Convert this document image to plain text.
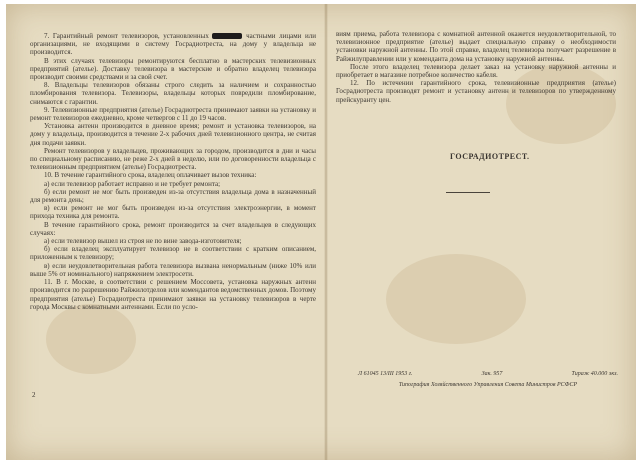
7. Гарантийный ремонт телевизоров, установленных	частными лицами или организациями, не входящими в систему Госрадиотреста, на дому у владельца не производится.

В этих случаях телевизоры ремонтируются бесплатно в мастерских телевизионных предприятий (ателье). Доставку телевизора в мастерские и обратно владелец телевизора производит своими средствами и за свой счет.

8. Владельцы телевизоров обязаны строго следить за наличием и сохранностью пломбирования телевизора. Телевизоры, владельцы которых повредили пломбирование, снимаются с гарантии.

9. Телевизионные предприятия (ателье) Госрадиотреста принимают заявки на установку и ремонт телевизоров ежедневно, кроме четвергов с 11 до 19 часов.

Установка антенн производится в дневное время; ремонт и установка телевизоров, на дому у владельца, производится в течение 2-х рабочих дней телевизионного центра, не считая дня подачи заявки.

Ремонт телевизоров у владельцев, проживающих за городом, производится в дни и часы по специальному расписанию, не реже 2-х дней в неделю, или по договоренности владельца с телевизионным предприятием (ателье) Госрадиотреста.

10. В течение гарантийного срока, владелец оплачивает вызов техника:

а) если телевизор работает исправно и не требует ремонта;

б) если ремонт не мог быть произведен из-за отсутствия владельца дома в назначенный для ремонта день;

в) если ремонт не мог быть произведен из-за отсутствия электроэнергии, в момент прихода техника для ремонта.

В течение гарантийного срока, ремонт производится за счет владельцев в следующих случаях:

а) если телевизор вышел из строя не по вине завода-изготовителя;

б) если владелец эксплуатирует телевизор не в соответствии с кратким описанием, приложенным к телевизору;

в) если неудовлетворительная работа телевизора вызвана ненормальным (ниже 10% или выше 5% от номинального) напряжением электросети.

11. В г. Москве, в соответствии с решением Моссовета, установка наружных антенн производится по разрешению Райжилотделов или комендантов ведомственных домов. Поэтому предприятия (ателье) Госрадиотреста принимают заявки на установку телевизоров в черте города Москвы с комнатными антеннами. Если по усло-

2

виям приема, работа телевизора с комнатной антенной окажется неудовлетворительной, то телевизионное предприятие (ателье) выдает специальную справку о необходимости установки наружной антенны. По этой справке, владелец телевизора получает разрешение в Райжилуправлении или у коменданта дома на установку наружной антенны.

После этого владелец телевизора делает заказ на установку наружной антенны и приобретает в магазине потребное количество кабеля.

12. По истечении гарантийного срока, телевизионные предприятия (ателье) Госрадиотреста производят ремонт и установку антенн и телевизоров по утвержденному прейскуранту цен.

ГОСРАДИОТРЕСТ.
Л 61045 13/III 1953 г.	Зак. 957	Тираж 40.000 экз.
Типография Хозяйственного Управления Совета Министров РСФСР
